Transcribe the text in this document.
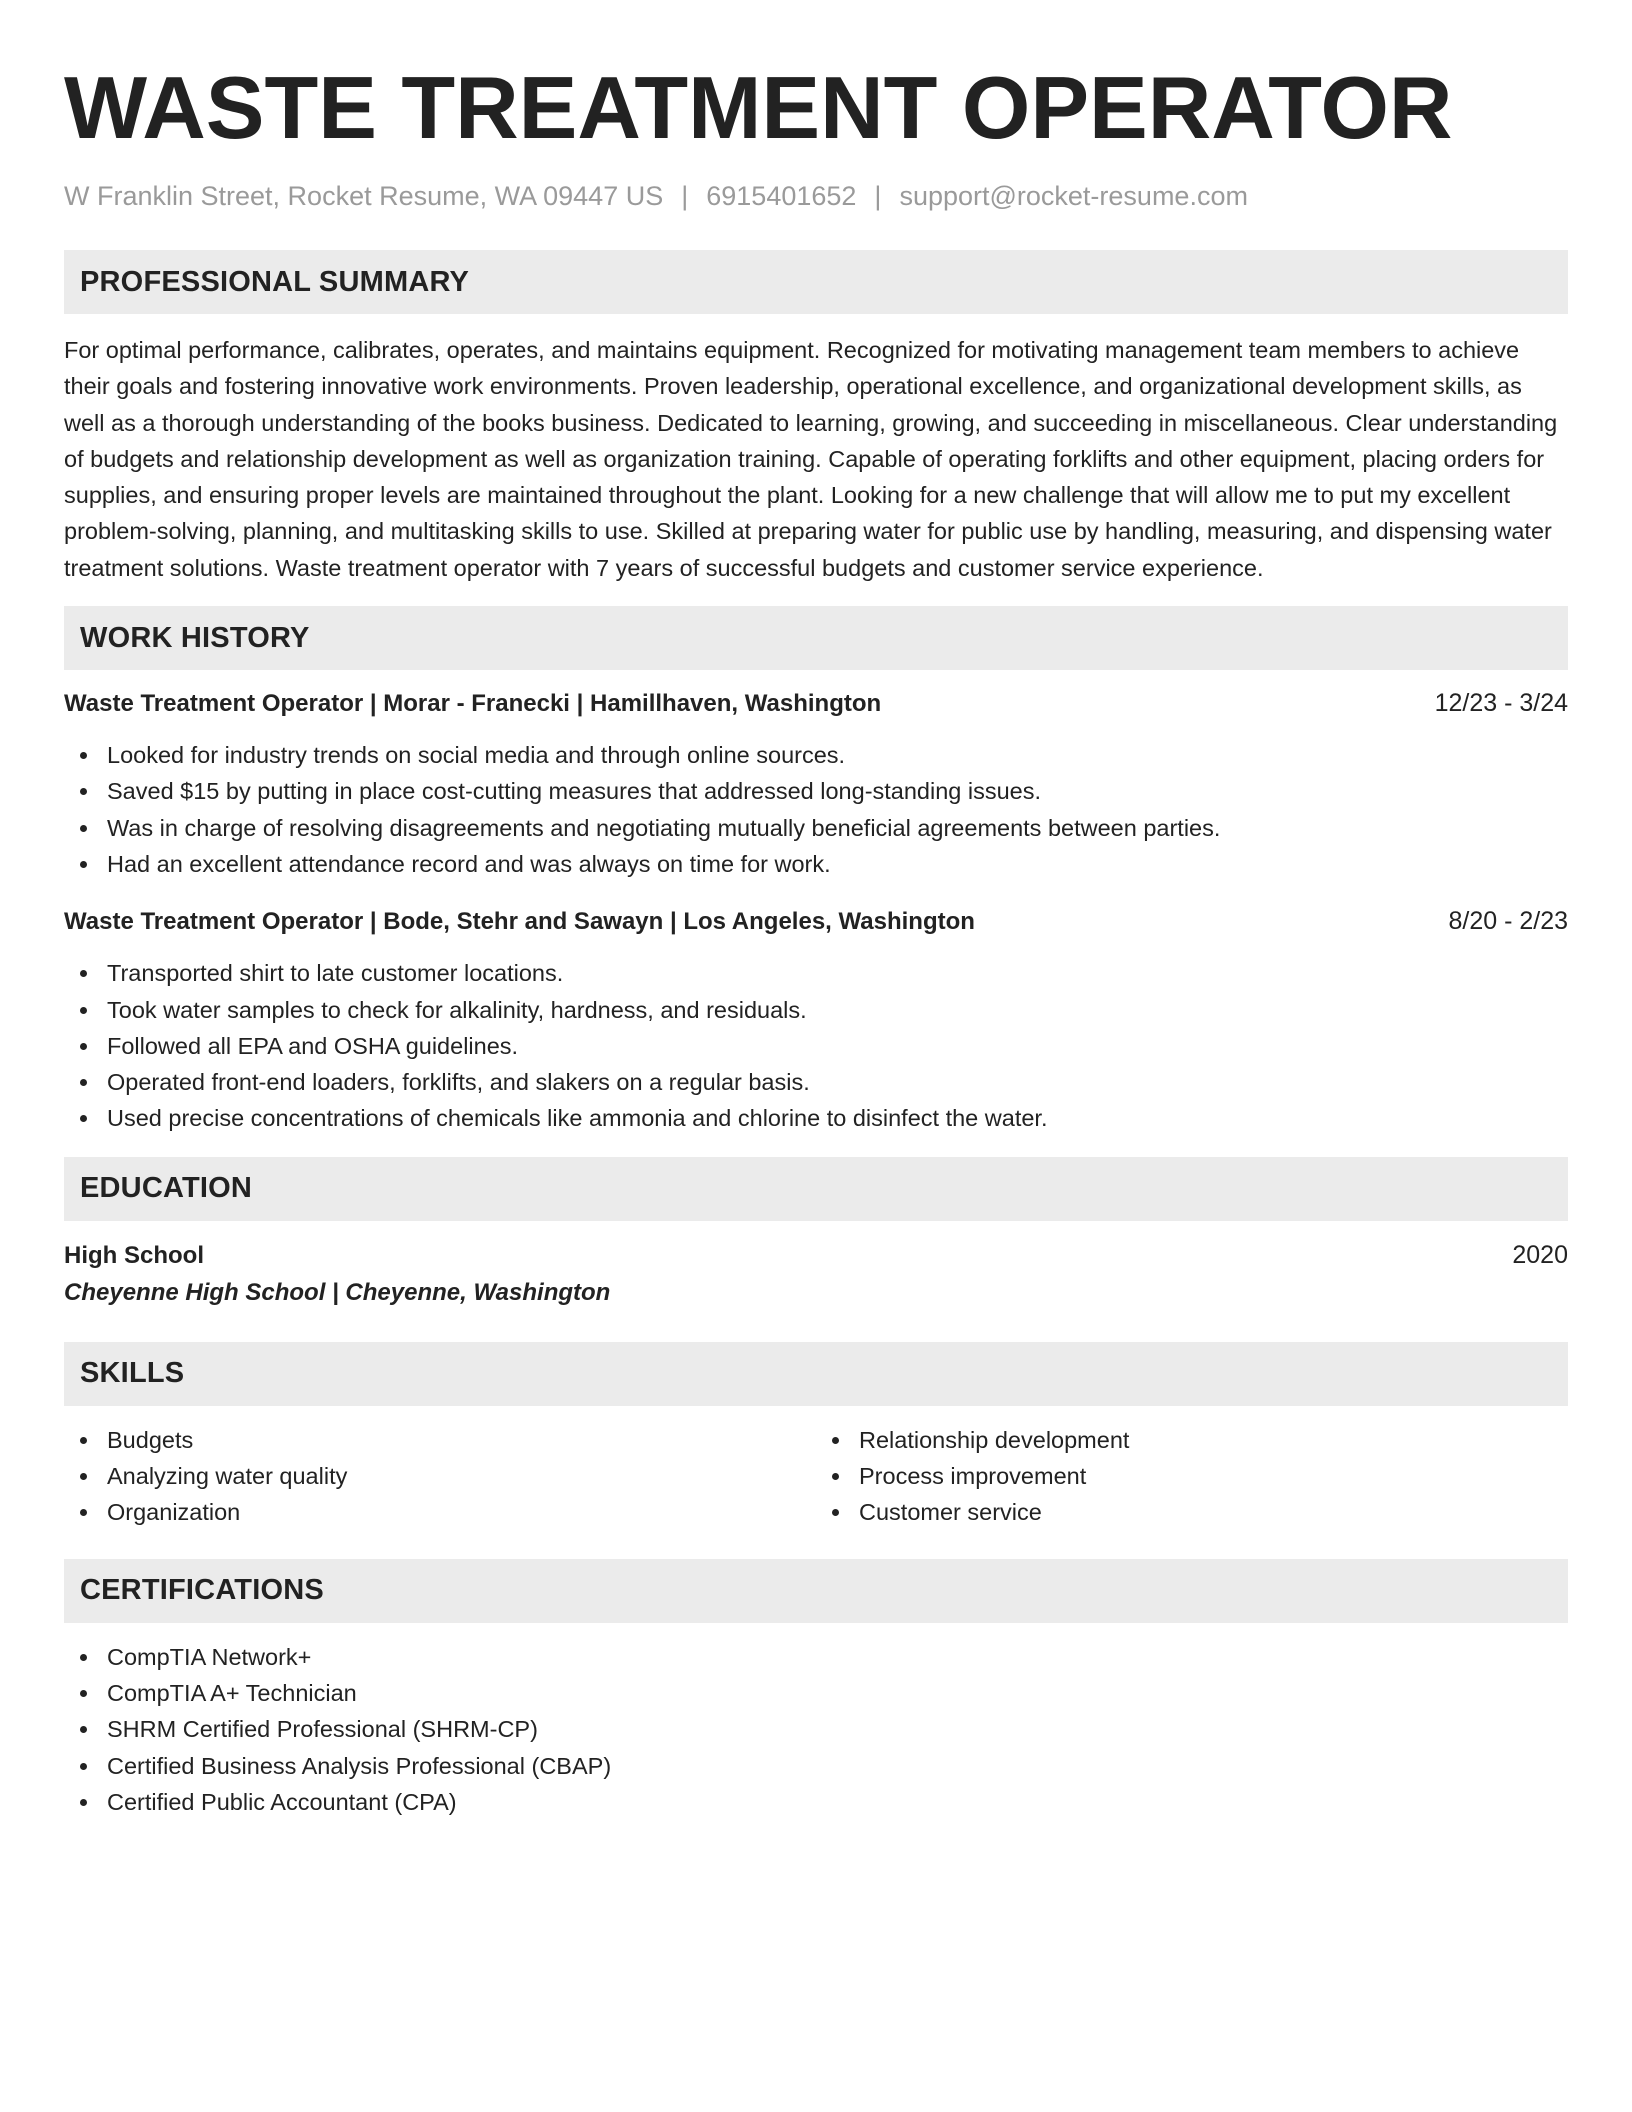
WASTE TREATMENT OPERATOR
W Franklin Street, Rocket Resume, WA 09447 US | 6915401652 | support@rocket-resume.com
PROFESSIONAL SUMMARY

For optimal performance, calibrates, operates, and maintains equipment. Recognized for motivating management team members to achieve their goals and fostering innovative work environments. Proven leadership, operational excellence, and organizational development skills, as well as a thorough understanding of the books business. Dedicated to learning, growing, and succeeding in miscellaneous. Clear understanding of budgets and relationship development as well as organization training. Capable of operating forklifts and other equipment, placing orders for supplies, and ensuring proper levels are maintained throughout the plant. Looking for a new challenge that will allow me to put my excellent problem-solving, planning, and multitasking skills to use. Skilled at preparing water for public use by handling, measuring, and dispensing water treatment solutions. Waste treatment operator with 7 years of successful budgets and customer service experience.

WORK HISTORY
Waste Treatment Operator | Morar - Franecki | Hamillhaven, Washington	12/23 - 3/24
Looked for industry trends on social media and through online sources.
Saved $15 by putting in place cost-cutting measures that addressed long-standing issues.
Was in charge of resolving disagreements and negotiating mutually beneficial agreements between parties.
Had an excellent attendance record and was always on time for work.
Waste Treatment Operator | Bode, Stehr and Sawayn | Los Angeles, Washington	8/20 - 2/23
Transported shirt to late customer locations.
Took water samples to check for alkalinity, hardness, and residuals.
Followed all EPA and OSHA guidelines.
Operated front-end loaders, forklifts, and slakers on a regular basis.
Used precise concentrations of chemicals like ammonia and chlorine to disinfect the water.
EDUCATION
High School	2020
Cheyenne High School | Cheyenne, Washington
SKILLS
Budgets
Analyzing water quality
Organization
Relationship development
Process improvement
Customer service
CERTIFICATIONS
CompTIA Network+
CompTIA A+ Technician
SHRM Certified Professional (SHRM-CP)
Certified Business Analysis Professional (CBAP)
Certified Public Accountant (CPA)
